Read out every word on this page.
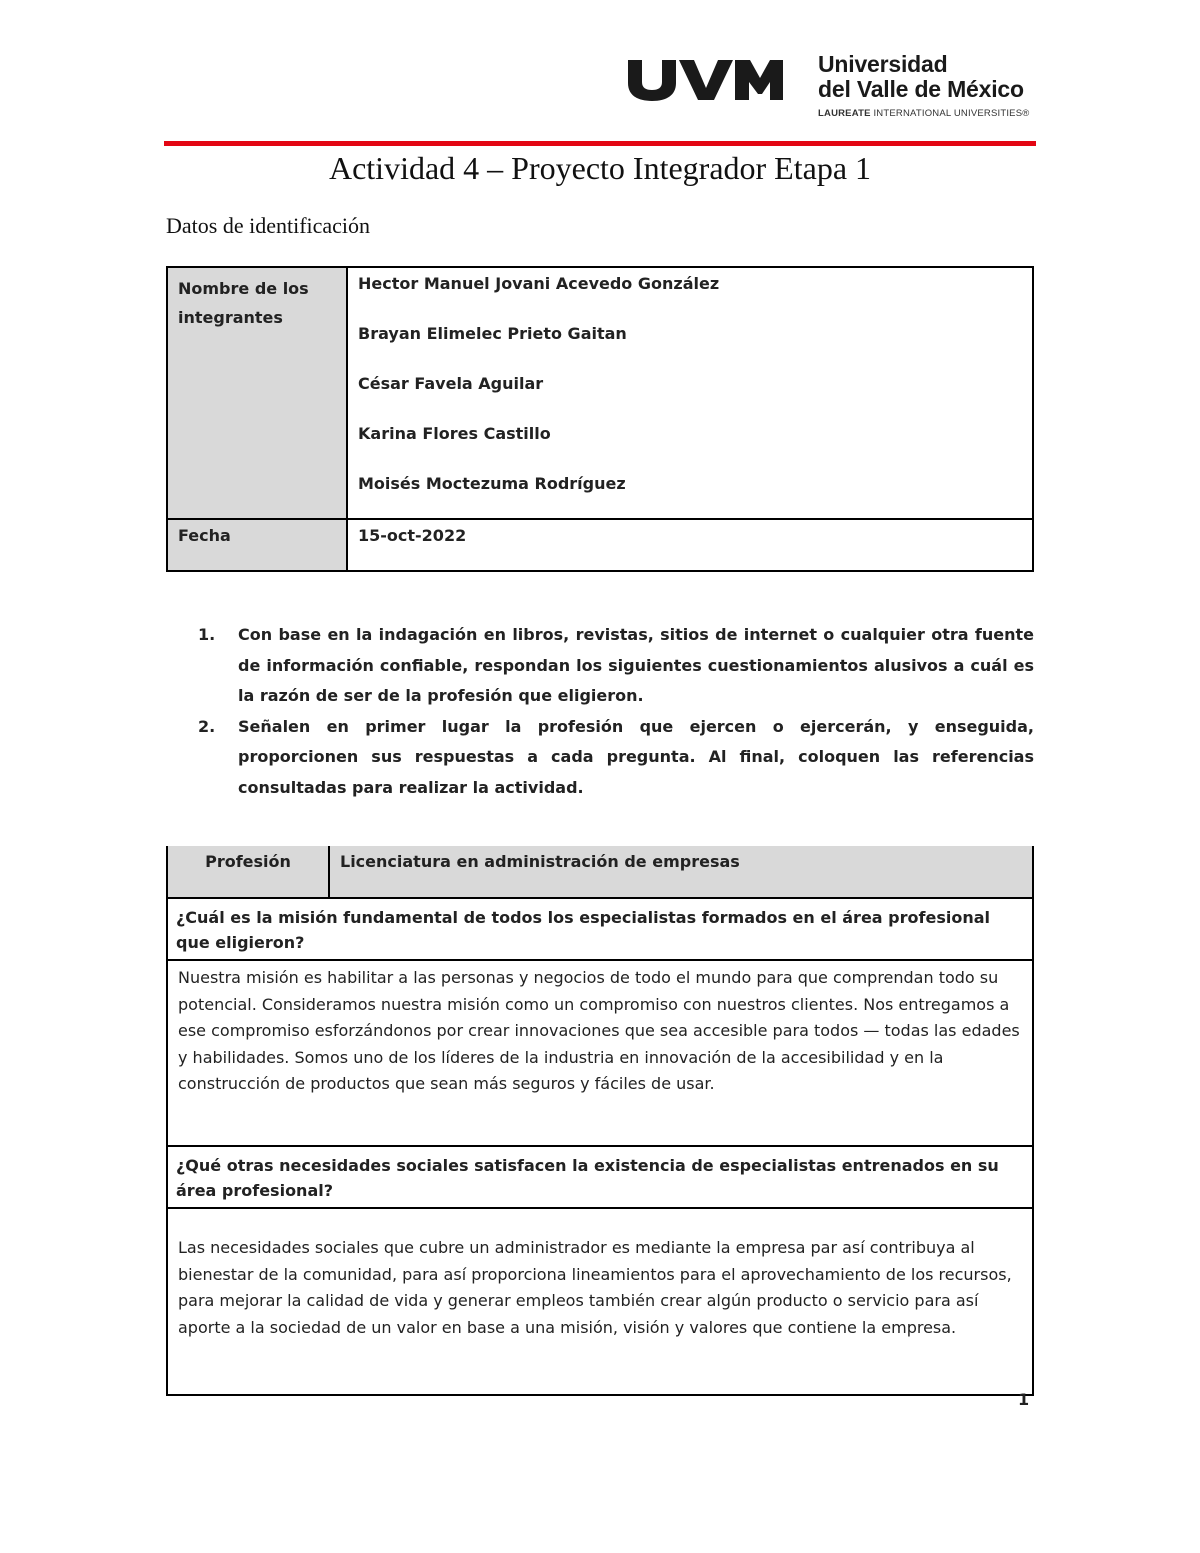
Universidad
del Valle de México
LAUREATE INTERNATIONAL UNIVERSITIES®
Actividad 4 – Proyecto Integrador Etapa 1
Datos de identificación
Nombre de los integrantes	Hector Manuel Jovani Acevedo González
Brayan Elimelec Prieto Gaitan
César Favela Aguilar
Karina Flores Castillo
Moisés Moctezuma Rodríguez

Fecha	15-oct-2022
1. Con base en la indagación en libros, revistas, sitios de internet o cualquier otra fuente de información confiable, respondan los siguientes cuestionamientos alusivos a cuál es la razón de ser de la profesión que eligieron.
2. Señalen en primer lugar la profesión que ejercen o ejercerán, y enseguida, proporcionen sus respuestas a cada pregunta. Al final, coloquen las referencias consultadas para realizar la actividad.
Profesión	Licenciatura en administración de empresas
¿Cuál es la misión fundamental de todos los especialistas formados en el área profesional que eligieron?
Nuestra misión es habilitar a las personas y negocios de todo el mundo para que comprendan todo su potencial. Consideramos nuestra misión como un compromiso con nuestros clientes. Nos entregamos a ese compromiso esforzándonos por crear innovaciones que sea accesible para todos — todas las edades y habilidades. Somos uno de los líderes de la industria en innovación de la accesibilidad y en la construcción de productos que sean más seguros y fáciles de usar.
¿Qué otras necesidades sociales satisfacen la existencia de especialistas entrenados en su área profesional?
Las necesidades sociales que cubre un administrador es mediante la empresa par así contribuya al bienestar de la comunidad, para así proporciona lineamientos para el aprovechamiento de los recursos, para mejorar la calidad de vida y generar empleos también crear algún producto o servicio para así aporte a la sociedad de un valor en base a una misión, visión y valores que contiene la empresa.
1
